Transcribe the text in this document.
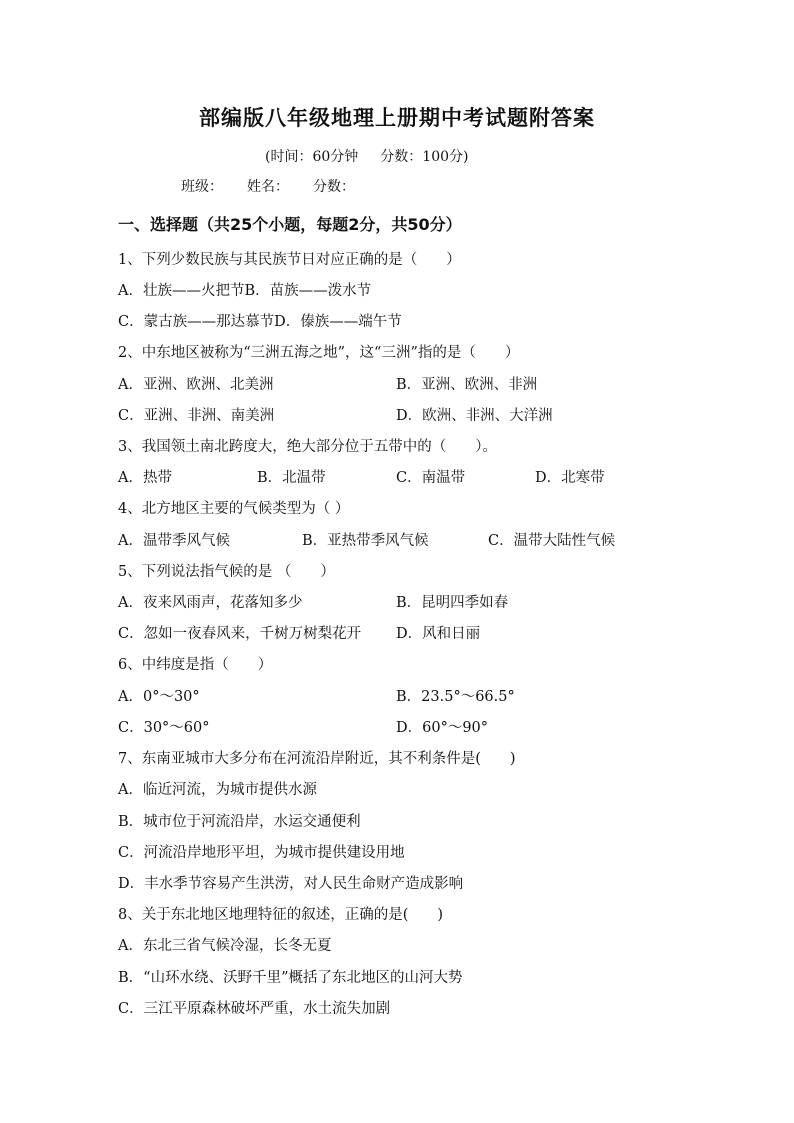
部编版八年级地理上册期中考试题附答案
(时间：60分钟 分数：100分)
班级： 姓名： 分数：
一、选择题（共25个小题，每题2分，共50分）
1、下列少数民族与其民族节日对应正确的是（　　）
A．壮族——火把节B．苗族——泼水节
C．蒙古族——那达慕节D．傣族——端午节
2、中东地区被称为“三洲五海之地”，这“三洲”指的是（　　）
A．亚洲、欧洲、北美洲	B．亚洲、欧洲、非洲
C．亚洲、非洲、南美洲	D．欧洲、非洲、大洋洲
3、我国领土南北跨度大，绝大部分位于五带中的（　　）。
A．热带	B．北温带	C．南温带	D．北寒带
4、北方地区主要的气候类型为（ ）
A．温带季风气候	B．亚热带季风气候	C．温带大陆性气候
5、下列说法指气候的是 （　　）
A．夜来风雨声，花落知多少	B．昆明四季如春
C．忽如一夜春风来，千树万树梨花开 D．风和日丽
6、中纬度是指（　　）
A．0°～30°	B．23.5°～66.5°
C．30°～60°	D．60°～90°
7、东南亚城市大多分布在河流沿岸附近，其不利条件是(　　)
A．临近河流，为城市提供水源
B．城市位于河流沿岸，水运交通便利
C．河流沿岸地形平坦，为城市提供建设用地
D．丰水季节容易产生洪涝，对人民生命财产造成影响
8、关于东北地区地理特征的叙述，正确的是(　　)
A．东北三省气候冷湿，长冬无夏
B．“山环水绕、沃野千里”概括了东北地区的山河大势
C．三江平原森林破坏严重，水土流失加剧
